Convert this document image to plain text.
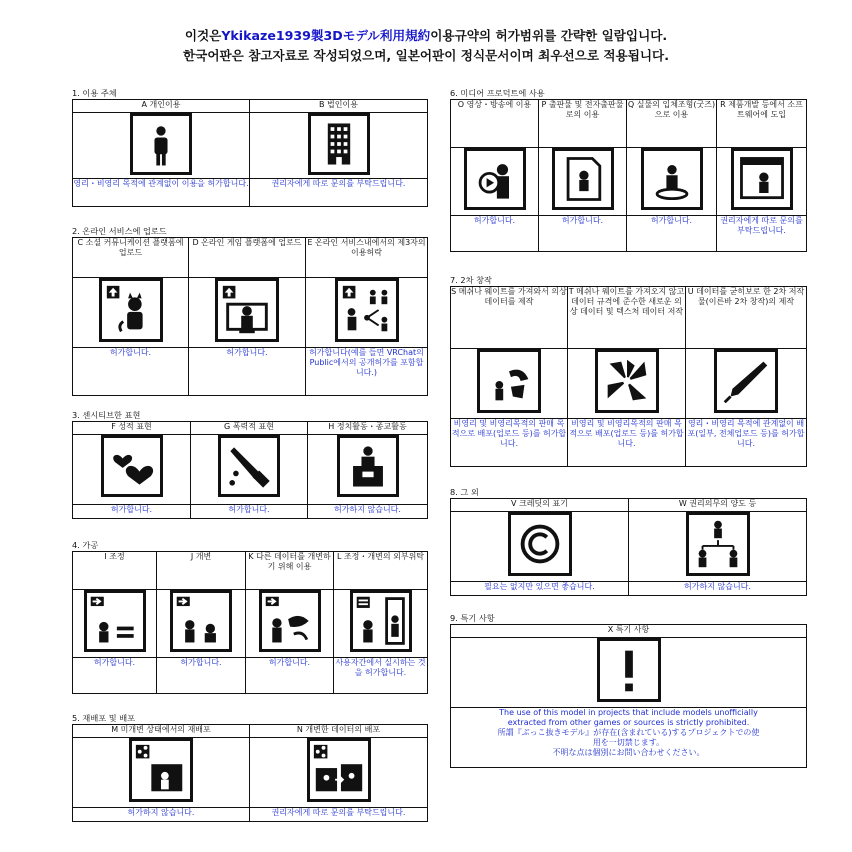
이것은Ykikaze1939製3Dモデル利用規約이용규약의 허가범위를 간략한 일람입니다.
한국어판은 참고자료로 작성되었으며, 일본어판이 정식문서이며 최우선으로 적용됩니다.
1. 이용 주체
A 개인이용	B 법인이용

영리・비영리 목적에 관계없이 이용을 허가합니다.	권리자에게 따로 문의를 부탁드립니다.
2. 온라인 서비스에 업로드
C 소셜 커뮤니케이션 플랫폼에 업로드	D 온라인 게임 플랫폼에 업로드	E 온라인 서비스내에서의 제3자의 이용허락

허가합니다.	허가합니다.	허가합니다(예를 들면 VRChat의 Public에서의 공개허가를 포함합니다.)
3. 센시티브한 표현
F 성적 표현	G 폭력적 표현	H 정치활동・종교활동

허가합니다.	허가합니다.	허가하지 않습니다.
4. 가공
I 조정	J 개변	K 다른 데이터를 개변하기 위해 이용	L 조정・개변의 외부위탁

허가합니다.	허가합니다.	허가합니다.	사용자간에서 실시하는 것을 허가합니다.
5. 재배포 및 배포
M 미개변 상태에서의 재배포	N 개변한 데이터의 배포

허가하지 않습니다.	권리자에게 따로 문의를 부탁드립니다.
6. 미디어 프로덕트에 사용
O 영상・방송에 이용	P 출판물 및 전자출판물로의 이용	Q 실물의 입체조형(굿즈)으로 이용	R 제품개발 등에서 소프트웨어에 도입

허가합니다.	허가합니다.	허가합니다.	권리자에게 따로 문의를 부탁드립니다.
7. 2차 창작
S 메쉬나 웨이트를 가져와서 의상 데이터를 제작	T 메쉬나 웨이트를 가져오지 않고 데이터 규격에 준수한 새로운 의상 데이터 및 텍스처 데이터 저작	U 데이터를 굳히보로 한 2차 저작물(이른바 2차 창작)의 제작

비영리 및 비영리목적의 판매 목적으로 배포(업로드 등)를 허가합니다.	비영리 및 비영리목적의 판매 목적으로 배포(업로드 등)를 허가합니다.	영리・비영리 목적에 관계없이 배포(일부, 전체업로드 등)를 허가합니다.
8. 그 외
V 크레딧의 표기	W 권리의무의 양도 등

필요는 없지만 있으면 좋습니다.	허가하지 않습니다.
9. 특기 사항
X 특기 사항

The use of this model in projects that include models unofficially
extracted from other games or sources is strictly prohibited.
所謂『ぶっこ抜きモデル』が存在(含まれている)するプロジェクトでの使
用を一切禁じます。
不明な点は個別にお問い合わせください。
